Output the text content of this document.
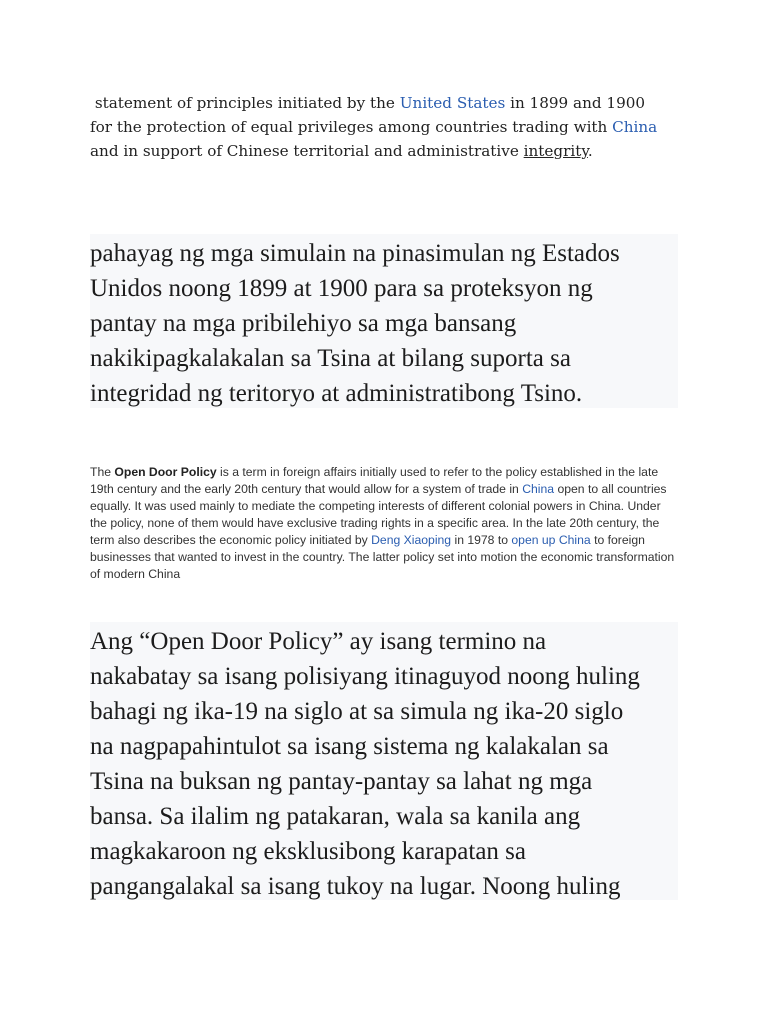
statement of principles initiated by the United States in 1899 and 1900 for the protection of equal privileges among countries trading with China and in support of Chinese territorial and administrative integrity.
pahayag ng mga simulain na pinasimulan ng Estados
Unidos noong 1899 at 1900 para sa proteksyon ng
pantay na mga pribilehiyo sa mga bansang
nakikipagkalakalan sa Tsina at bilang suporta sa
integridad ng teritoryo at administratibong Tsino.
The Open Door Policy is a term in foreign affairs initially used to refer to the policy established in the late 19th century and the early 20th century that would allow for a system of trade in China open to all countries equally. It was used mainly to mediate the competing interests of different colonial powers in China. Under the policy, none of them would have exclusive trading rights in a specific area. In the late 20th century, the term also describes the economic policy initiated by Deng Xiaoping in 1978 to open up China to foreign businesses that wanted to invest in the country. The latter policy set into motion the economic transformation of modern China
Ang “Open Door Policy” ay isang termino na
nakabatay sa isang polisiyang itinaguyod noong huling
bahagi ng ika-19 na siglo at sa simula ng ika-20 siglo
na nagpapahintulot sa isang sistema ng kalakalan sa
Tsina na buksan ng pantay-pantay sa lahat ng mga
bansa. Sa ilalim ng patakaran, wala sa kanila ang
magkakaroon ng eksklusibong karapatan sa
pangangalakal sa isang tukoy na lugar. Noong huling
